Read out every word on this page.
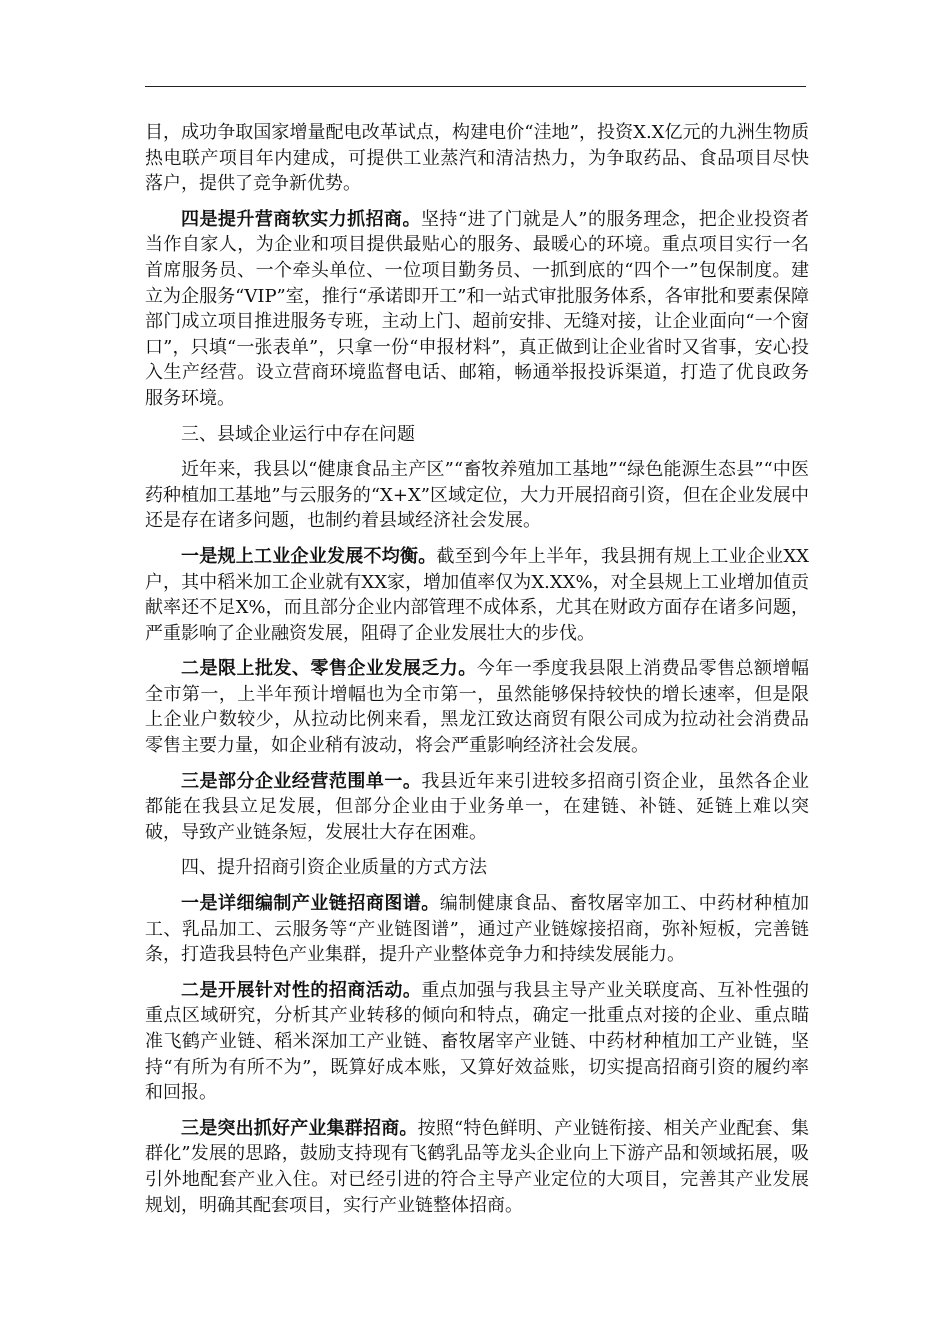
目，成功争取国家增量配电改革试点，构建电价“洼地”，投资X.X亿元的九洲生物质热电联产项目年内建成，可提供工业蒸汽和清洁热力，为争取药品、食品项目尽快落户，提供了竞争新优势。

四是提升营商软实力抓招商。坚持“进了门就是人”的服务理念，把企业投资者当作自家人，为企业和项目提供最贴心的服务、最暖心的环境。重点项目实行一名首席服务员、一个牵头单位、一位项目勤务员、一抓到底的“四个一”包保制度。建立为企服务“VIP”室，推行“承诺即开工”和一站式审批服务体系，各审批和要素保障部门成立项目推进服务专班，主动上门、超前安排、无缝对接，让企业面向“一个窗口”，只填“一张表单”，只拿一份“申报材料”，真正做到让企业省时又省事，安心投入生产经营。设立营商环境监督电话、邮箱，畅通举报投诉渠道，打造了优良政务服务环境。

三、县域企业运行中存在问题

近年来，我县以“健康食品主产区”“畜牧养殖加工基地”“绿色能源生态县”“中医药种植加工基地”与云服务的“X+X”区域定位，大力开展招商引资，但在企业发展中还是存在诸多问题，也制约着县域经济社会发展。

一是规上工业企业发展不均衡。截至到今年上半年，我县拥有规上工业企业XX户，其中稻米加工企业就有XX家，增加值率仅为X.XX%，对全县规上工业增加值贡献率还不足X%，而且部分企业内部管理不成体系，尤其在财政方面存在诸多问题，严重影响了企业融资发展，阻碍了企业发展壮大的步伐。

二是限上批发、零售企业发展乏力。今年一季度我县限上消费品零售总额增幅全市第一，上半年预计增幅也为全市第一，虽然能够保持较快的增长速率，但是限上企业户数较少，从拉动比例来看，黑龙江致达商贸有限公司成为拉动社会消费品零售主要力量，如企业稍有波动，将会严重影响经济社会发展。

三是部分企业经营范围单一。我县近年来引进较多招商引资企业，虽然各企业都能在我县立足发展，但部分企业由于业务单一，在建链、补链、延链上难以突破，导致产业链条短，发展壮大存在困难。

四、提升招商引资企业质量的方式方法

一是详细编制产业链招商图谱。编制健康食品、畜牧屠宰加工、中药材种植加工、乳品加工、云服务等“产业链图谱”，通过产业链嫁接招商，弥补短板，完善链条，打造我县特色产业集群，提升产业整体竞争力和持续发展能力。

二是开展针对性的招商活动。重点加强与我县主导产业关联度高、互补性强的重点区域研究，分析其产业转移的倾向和特点，确定一批重点对接的企业、重点瞄准飞鹤产业链、稻米深加工产业链、畜牧屠宰产业链、中药材种植加工产业链，坚持“有所为有所不为”，既算好成本账，又算好效益账，切实提高招商引资的履约率和回报。

三是突出抓好产业集群招商。按照“特色鲜明、产业链衔接、相关产业配套、集群化”发展的思路，鼓励支持现有飞鹤乳品等龙头企业向上下游产品和领域拓展，吸引外地配套产业入住。对已经引进的符合主导产业定位的大项目，完善其产业发展规划，明确其配套项目，实行产业链整体招商。
